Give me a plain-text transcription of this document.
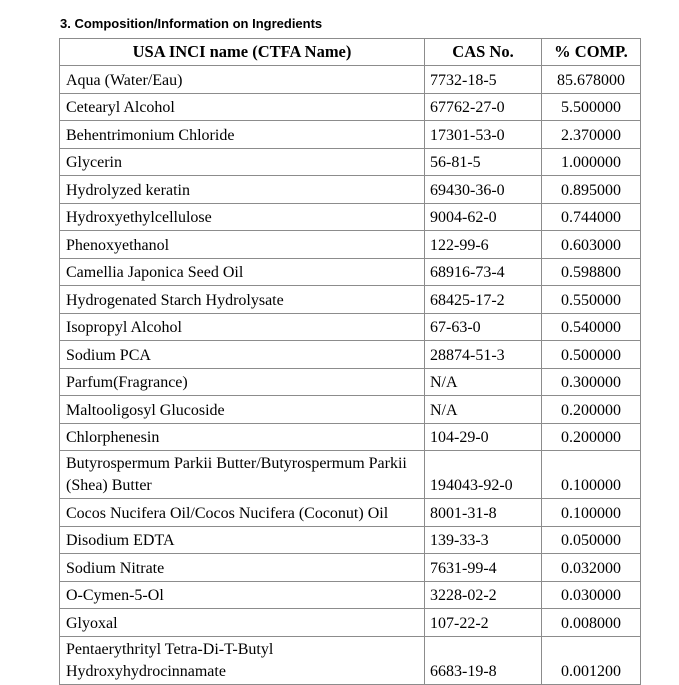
3. Composition/Information on Ingredients
USA INCI name (CTFA Name)	CAS No.	% COMP.
Aqua (Water/Eau)	7732-18-5	85.678000
Cetearyl Alcohol	67762-27-0	5.500000
Behentrimonium Chloride	17301-53-0	2.370000
Glycerin	56-81-5	1.000000
Hydrolyzed keratin	69430-36-0	0.895000
Hydroxyethylcellulose	9004-62-0	0.744000
Phenoxyethanol	122-99-6	0.603000
Camellia Japonica Seed Oil	68916-73-4	0.598800
Hydrogenated Starch Hydrolysate	68425-17-2	0.550000
Isopropyl Alcohol	67-63-0	0.540000
Sodium PCA	28874-51-3	0.500000
Parfum(Fragrance)	N/A	0.300000
Maltooligosyl Glucoside	N/A	0.200000
Chlorphenesin	104-29-0	0.200000
Butyrospermum Parkii Butter/Butyrospermum Parkii (Shea) Butter	194043-92-0	0.100000
Cocos Nucifera Oil/Cocos Nucifera (Coconut) Oil	8001-31-8	0.100000
Disodium EDTA	139-33-3	0.050000
Sodium Nitrate	7631-99-4	0.032000
O-Cymen-5-Ol	3228-02-2	0.030000
Glyoxal	107-22-2	0.008000
Pentaerythrityl Tetra-Di-T-Butyl Hydroxyhydrocinnamate	6683-19-8	0.001200
